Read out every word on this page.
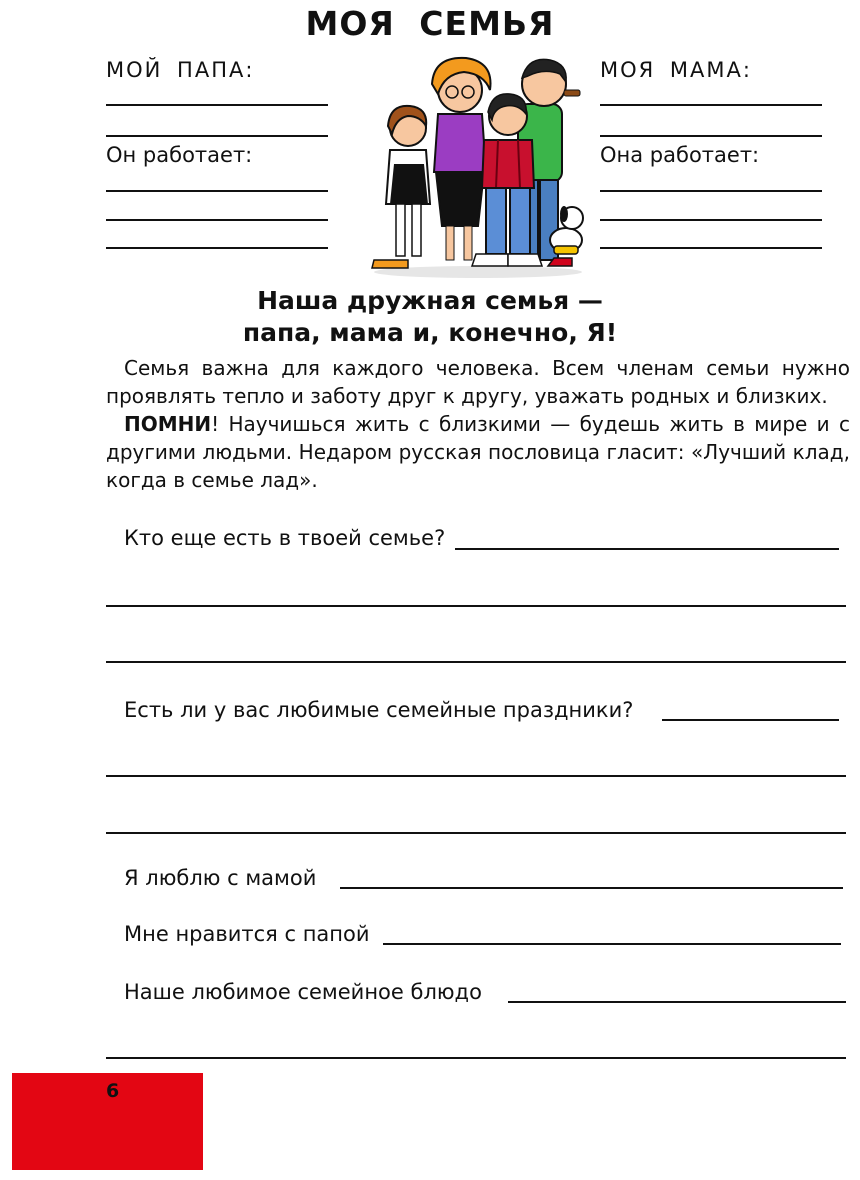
МОЯ СЕМЬЯ
МОЙ ПАПА:
Он работает:
МОЯ МАМА:
Она работает:
Наша дружная семья —
папа, мама и, конечно, Я!

Семья важна для каждого человека. Всем членам семьи нужно проявлять тепло и заботу друг к другу, уважать родных и близких.

ПОМНИ! Научишься жить с близкими — будешь жить в мире и с другими людьми. Недаром русская пословица гласит: «Лучший клад, когда в семье лад».

Кто еще есть в твоей семье?
Есть ли у вас любимые семейные праздники?
Я люблю с мамой
Мне нравится с папой
Наше любимое семейное блюдо
6
